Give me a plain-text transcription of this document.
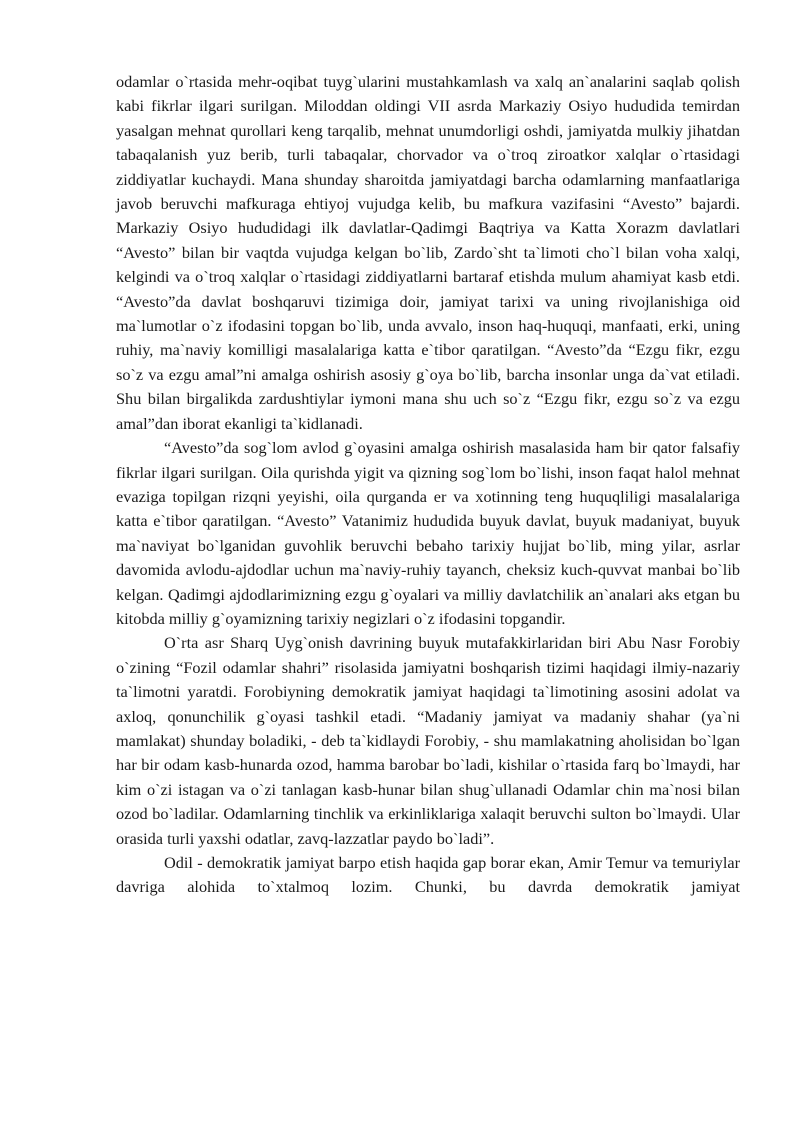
odamlar o`rtasida mehr-oqibat tuyg`ularini mustahkamlash va xalq an`analarini saqlab qolish kabi fikrlar ilgari surilgan. Miloddan oldingi VII asrda Markaziy Osiyo hududida temirdan yasalgan mehnat qurollari keng tarqalib, mehnat unumdorligi oshdi, jamiyatda mulkiy jihatdan tabaqalanish yuz berib, turli tabaqalar, chorvador va o`troq ziroatkor xalqlar o`rtasidagi ziddiyatlar kuchaydi. Mana shunday sharoitda jamiyatdagi barcha odamlarning manfaatlariga javob beruvchi mafkuraga ehtiyoj vujudga kelib, bu mafkura vazifasini “Avesto” bajardi. Markaziy Osiyo hududidagi ilk davlatlar-Qadimgi Baqtriya va Katta Xorazm davlatlari “Avesto” bilan bir vaqtda vujudga kelgan bo`lib, Zardo`sht ta`limoti cho`l bilan voha xalqi, kelgindi va o`troq xalqlar o`rtasidagi ziddiyatlarni bartaraf etishda mulum ahamiyat kasb etdi. “Avesto”da davlat boshqaruvi tizimiga doir, jamiyat tarixi va uning rivojlanishiga oid ma`lumotlar o`z ifodasini topgan bo`lib, unda avvalo, inson haq-huquqi, manfaati, erki, uning ruhiy, ma`naviy komilligi masalalariga katta e`tibor qaratilgan. “Avesto”da “Ezgu fikr, ezgu so`z va ezgu amal”ni amalga oshirish asosiy g`oya bo`lib, barcha insonlar unga da`vat etiladi. Shu bilan birgalikda zardushtiylar iymoni mana shu uch so`z “Ezgu fikr, ezgu so`z va ezgu amal”dan iborat ekanligi ta`kidlanadi.

“Avesto”da sog`lom avlod g`oyasini amalga oshirish masalasida ham bir qator falsafiy fikrlar ilgari surilgan. Oila qurishda yigit va qizning sog`lom bo`lishi, inson faqat halol mehnat evaziga topilgan rizqni yeyishi, oila qurganda er va xotinning teng huquqliligi masalalariga katta e`tibor qaratilgan. “Avesto” Vatanimiz hududida buyuk davlat, buyuk madaniyat, buyuk ma`naviyat bo`lganidan guvohlik beruvchi bebaho tarixiy hujjat bo`lib, ming yilar, asrlar davomida avlodu-ajdodlar uchun ma`naviy-ruhiy tayanch, cheksiz kuch-quvvat manbai bo`lib kelgan. Qadimgi ajdodlarimizning ezgu g`oyalari va milliy davlatchilik an`analari aks etgan bu kitobda milliy g`oyamizning tarixiy negizlari o`z ifodasini topgandir.

O`rta asr Sharq Uyg`onish davrining buyuk mutafakkirlaridan biri Abu Nasr Forobiy o`zining “Fozil odamlar shahri” risolasida jamiyatni boshqarish tizimi haqidagi ilmiy-nazariy ta`limotni yaratdi. Forobiyning demokratik jamiyat haqidagi ta`limotining asosini adolat va axloq, qonunchilik g`oyasi tashkil etadi. “Madaniy jamiyat va madaniy shahar (ya`ni mamlakat) shunday boladiki, - deb ta`kidlaydi Forobiy, - shu mamlakatning aholisidan bo`lgan har bir odam kasb-hunarda ozod, hamma barobar bo`ladi, kishilar o`rtasida farq bo`lmaydi, har kim o`zi istagan va o`zi tanlagan kasb-hunar bilan shug`ullanadi Odamlar chin ma`nosi bilan ozod bo`ladilar. Odamlarning tinchlik va erkinliklariga xalaqit beruvchi sulton bo`lmaydi. Ular orasida turli yaxshi odatlar, zavq-lazzatlar paydo bo`ladi”.

Odil - demokratik jamiyat barpo etish haqida gap borar ekan, Amir Temur va temuriylar davriga alohida to`xtalmoq lozim. Chunki, bu davrda demokratik jamiyat
